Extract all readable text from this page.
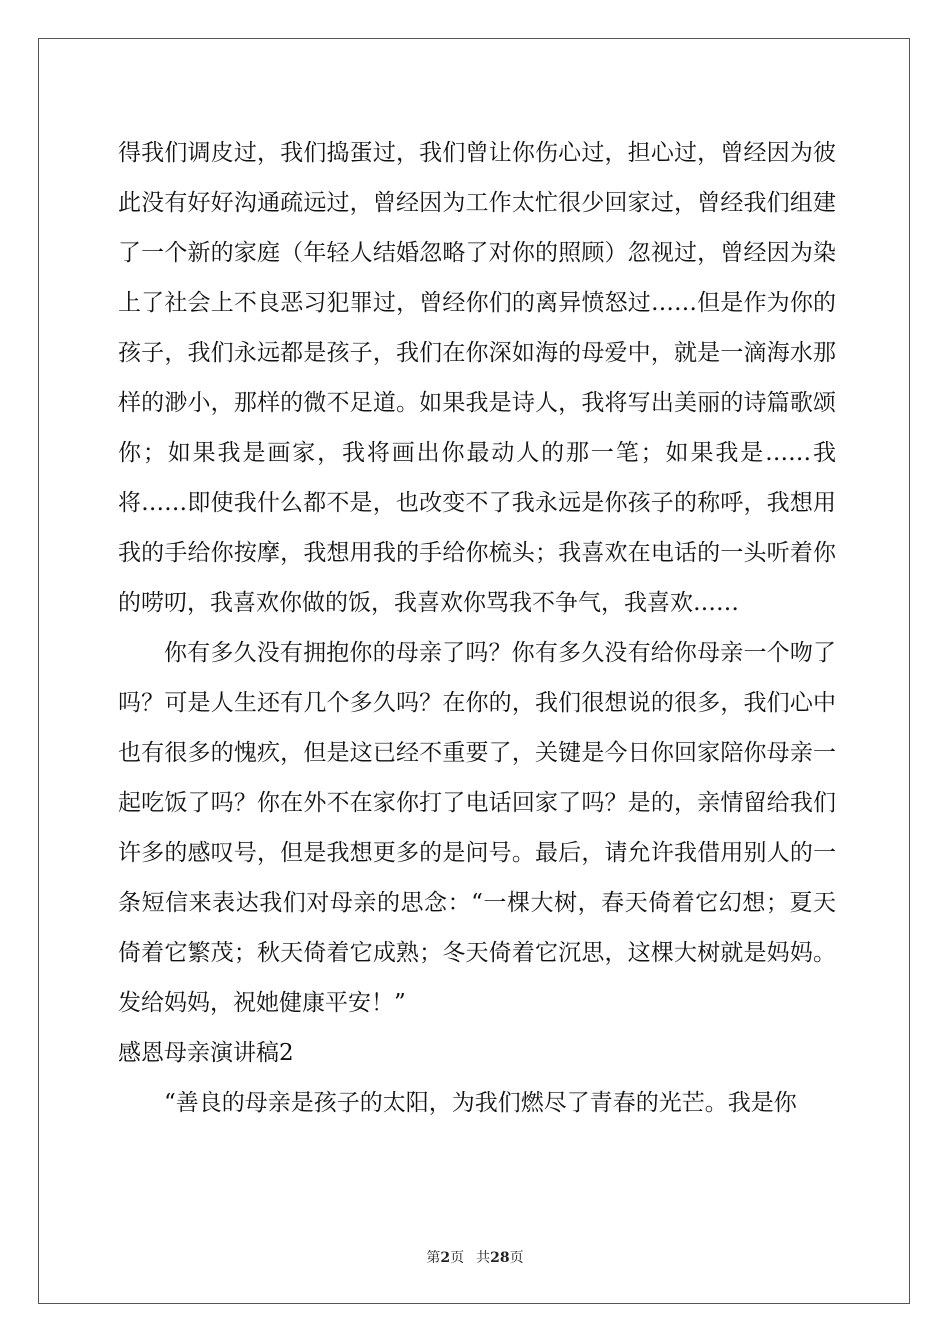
得我们调皮过，我们捣蛋过，我们曾让你伤心过，担心过，曾经因为彼此没有好好沟通疏远过，曾经因为工作太忙很少回家过，曾经我们组建了一个新的家庭（年轻人结婚忽略了对你的照顾）忽视过，曾经因为染上了社会上不良恶习犯罪过，曾经你们的离异愤怒过……但是作为你的孩子，我们永远都是孩子，我们在你深如海的母爱中，就是一滴海水那样的渺小，那样的微不足道。如果我是诗人，我将写出美丽的诗篇歌颂你；如果我是画家，我将画出你最动人的那一笔；如果我是……我将……即使我什么都不是，也改变不了我永远是你孩子的称呼，我想用我的手给你按摩，我想用我的手给你梳头；我喜欢在电话的一头听着你的唠叨，我喜欢你做的饭，我喜欢你骂我不争气，我喜欢……

你有多久没有拥抱你的母亲了吗？你有多久没有给你母亲一个吻了吗？可是人生还有几个多久吗？在你的，我们很想说的很多，我们心中也有很多的愧疚，但是这已经不重要了，关键是今日你回家陪你母亲一起吃饭了吗？你在外不在家你打了电话回家了吗？是的，亲情留给我们许多的感叹号，但是我想更多的是问号。最后，请允许我借用别人的一条短信来表达我们对母亲的思念：“一棵大树，春天倚着它幻想；夏天倚着它繁茂；秋天倚着它成熟；冬天倚着它沉思，这棵大树就是妈妈。发给妈妈，祝她健康平安！”

感恩母亲演讲稿2

“善良的母亲是孩子的太阳，为我们燃尽了青春的光芒。我是你

第2页 共28页
